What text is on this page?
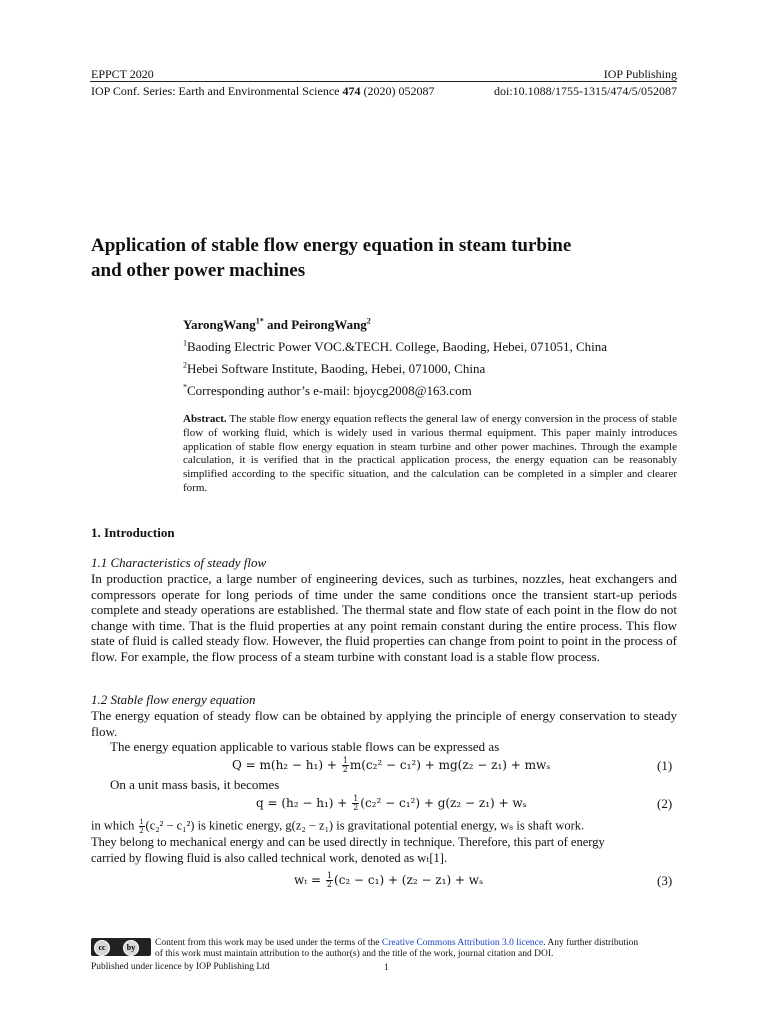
EPPCT 2020	IOP Publishing
IOP Conf. Series: Earth and Environmental Science 474 (2020) 052087	doi:10.1088/1755-1315/474/5/052087
Application of stable flow energy equation in steam turbine
and other power machines
YarongWang$^{1*}$ and PeirongWang$^2$
$^1$Baoding Electric Power VOC.&TECH. College, Baoding, Hebei, 071051, China
$^2$Hebei Software Institute, Baoding, Hebei, 071000, China
*Corresponding author’s e-mail: bjoycg2008@163.com
Abstract. The stable flow energy equation reflects the general law of energy conversion in the process of stable flow of working fluid, which is widely used in various thermal equipment. This paper mainly introduces application of stable flow energy equation in steam turbine and other power machines. Through the example calculation, it is verified that in the practical application process, the energy equation can be reasonably simplified according to the specific situation, and the calculation can be completed in a simpler and clearer form.
1. Introduction
1.1 Characteristics of steady flow
In production practice, a large number of engineering devices, such as turbines, nozzles, heat exchangers and compressors operate for long periods of time under the same conditions once the transient start-up periods complete and steady operations are established. The thermal state and flow state of each point in the flow do not change with time. That is the fluid properties at any point remain constant during the entire process. This flow state of fluid is called steady flow. However, the fluid properties can change from point to point in the process of flow. For example, the flow process of a steam turbine with constant load is a stable flow process.
1.2 Stable flow energy equation
The energy equation of steady flow can be obtained by applying the principle of energy conservation to steady flow.
The energy equation applicable to various stable flows can be expressed as
$Q = m(h_2 - h_1) + \frac{1}{2} m(c_2^2 - c_1^2) + mg(z_2 - z_1) + mw_s$	(1)
On a unit mass basis, it becomes
$q = (h_2 - h_1) + \frac{1}{2} (c_2^2 - c_1^2) + g(z_2 - z_1) + w_s$	(2)
in which $\frac{1}{2} (c_2^2 - c_1^2)$ is kinetic energy, g(z₂ − z₁) is gravitational potential energy, wₛ is shaft work.
They belong to mechanical energy and can be used directly in technique. Therefore, this part of energy
carried by flowing fluid is also called technical work, denoted as wₜ[1].
$w_t = \frac{1}{2} (c_2 - c_1) + (z_2 - z_1) + w_s$	(3)
cc	by	Content from this work may be used under the terms of the Creative Commons Attribution 3.0 licence. Any further distribution
of this work must maintain attribution to the author(s) and the title of the work, journal citation and DOI.
Published under licence by IOP Publishing Ltd	1
